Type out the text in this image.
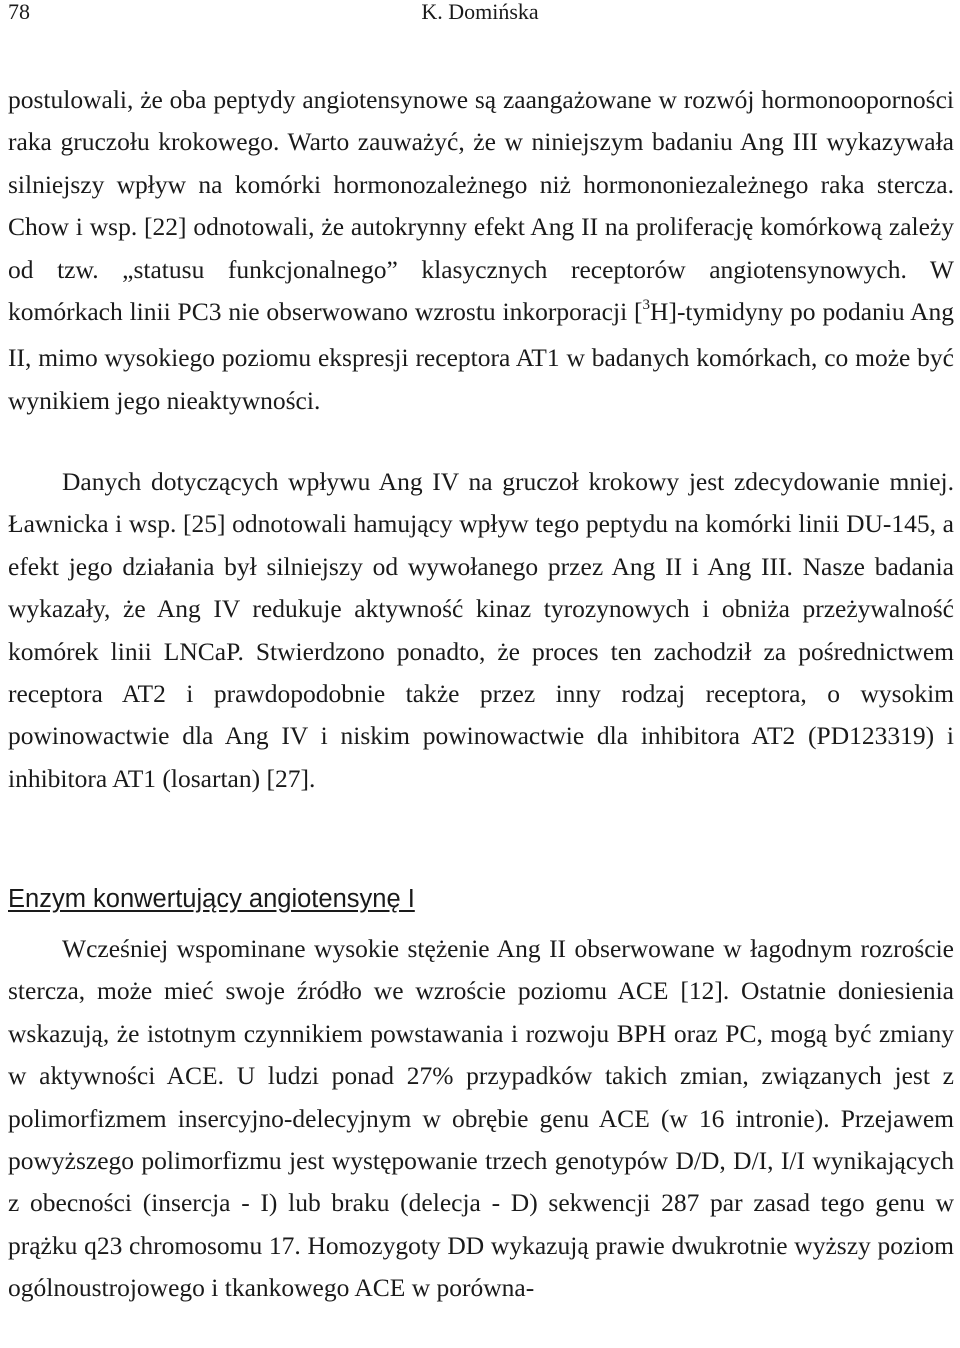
78	K. Domińska

postulowali, że oba peptydy angiotensynowe są zaangażowane w rozwój hormonooporności raka gruczołu krokowego. Warto zauważyć, że w niniejszym badaniu Ang III wykazywała silniejszy wpływ na komórki hormonozależnego niż hormononiezależnego raka stercza. Chow i wsp. [22] odnotowali, że autokrynny efekt Ang II na proliferację komórkową zależy od tzw. „statusu funkcjonalnego” klasycznych receptorów angiotensynowych. W komórkach linii PC3 nie obserwowano wzrostu inkorporacji [$^3$H]-tymidyny po podaniu Ang II, mimo wysokiego poziomu ekspresji receptora AT1 w badanych komórkach, co może być wynikiem jego nieaktywności.

Danych dotyczących wpływu Ang IV na gruczoł krokowy jest zdecydowanie mniej. Ławnicka i wsp. [25] odnotowali hamujący wpływ tego peptydu na komórki linii DU-145, a efekt jego działania był silniejszy od wywołanego przez Ang II i Ang III. Nasze badania wykazały, że Ang IV redukuje aktywność kinaz tyrozynowych i obniża przeżywalność komórek linii LNCaP. Stwierdzono ponadto, że proces ten zachodził za pośrednictwem receptora AT2 i prawdopodobnie także przez inny rodzaj receptora, o wysokim powinowactwie dla Ang IV i niskim powinowactwie dla inhibitora AT2 (PD123319) i inhibitora AT1 (losartan) [27].

Enzym konwertujący angiotensynę I

Wcześniej wspominane wysokie stężenie Ang II obserwowane w łagodnym rozroście stercza, może mieć swoje źródło we wzroście poziomu ACE [12]. Ostatnie doniesienia wskazują, że istotnym czynnikiem powstawania i rozwoju BPH oraz PC, mogą być zmiany w aktywności ACE. U ludzi ponad 27% przypadków takich zmian, związanych jest z polimorfizmem insercyjno-delecyjnym w obrębie genu ACE (w 16 intronie). Przejawem powyższego polimorfizmu jest występowanie trzech genotypów D/D, D/I, I/I wynikających z obecności (insercja - I) lub braku (delecja - D) sekwencji 287 par zasad tego genu w prążku q23 chromosomu 17. Homozygoty DD wykazują prawie dwukrotnie wyższy poziom ogólnoustrojowego i tkankowego ACE w porówna-
